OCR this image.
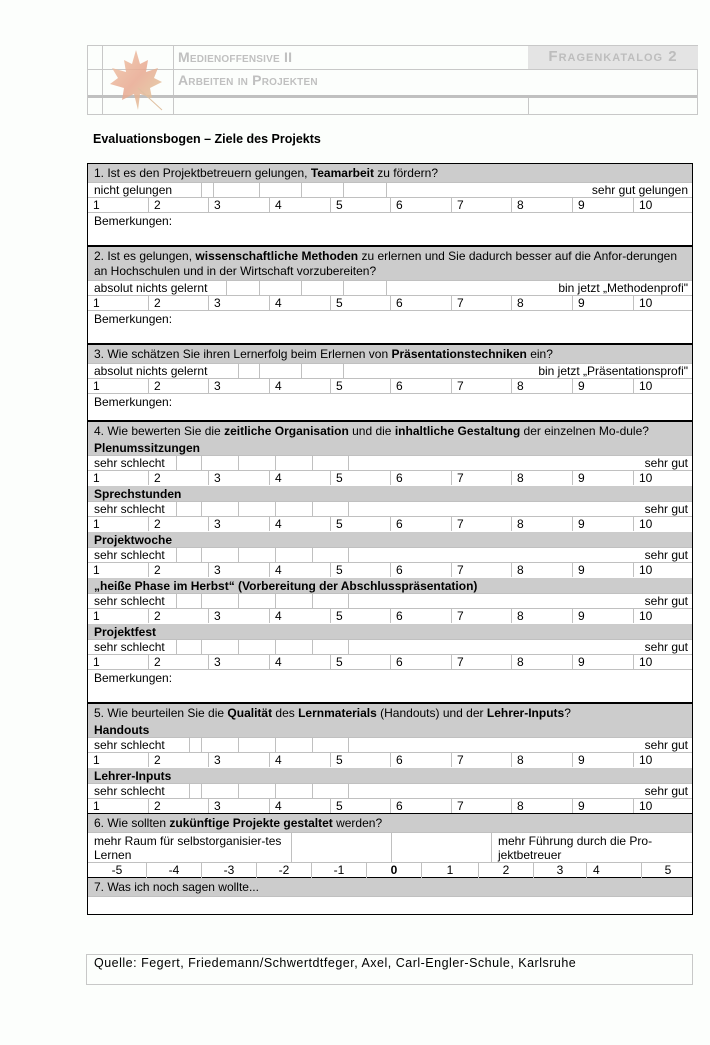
Fragenkatalog 2
Medienoffensive II
Arbeiten in Projekten
Evaluationsbogen – Ziele des Projekts
1. Ist es den Projektbetreuern gelungen, Teamarbeit zu fördern?
nicht gelungen	sehr gut gelungen
1	2	3	4	5	6	7	8	9	10
Bemerkungen:
2. Ist es gelungen, wissenschaftliche Methoden zu erlernen und Sie dadurch besser auf die Anfor-derungen an Hochschulen und in der Wirtschaft vorzubereiten?
absolut nichts gelernt	bin jetzt „Methodenprofi"
1	2	3	4	5	6	7	8	9	10
Bemerkungen:
3. Wie schätzen Sie ihren Lernerfolg beim Erlernen von Präsentationstechniken ein?
absolut nichts gelernt	bin jetzt „Präsentationsprofi"
1	2	3	4	5	6	7	8	9	10
Bemerkungen:
4. Wie bewerten Sie die zeitliche Organisation und die inhaltliche Gestaltung der einzelnen Mo-dule?
Plenumssitzungen
sehr schlecht	sehr gut
1	2	3	4	5	6	7	8	9	10
Sprechstunden
sehr schlecht	sehr gut
1	2	3	4	5	6	7	8	9	10
Projektwoche
sehr schlecht	sehr gut
1	2	3	4	5	6	7	8	9	10
„heiße Phase im Herbst“ (Vorbereitung der Abschlusspräsentation)
sehr schlecht	sehr gut
1	2	3	4	5	6	7	8	9	10
Projektfest
sehr schlecht	sehr gut
1	2	3	4	5	6	7	8	9	10
Bemerkungen:
5. Wie beurteilen Sie die Qualität des Lernmaterials (Handouts) und der Lehrer-Inputs?
Handouts
sehr schlecht	sehr gut
1	2	3	4	5	6	7	8	9	10
Lehrer-Inputs
sehr schlecht	sehr gut
1	2	3	4	5	6	7	8	9	10
6. Wie sollten zukünftige Projekte gestaltet werden?
mehr Raum für selbstorganisier-tes Lernen
mehr Führung durch die Pro-jektbetreuer
-5	-4	-3	-2	-1	0	1	2	3	4	5
7. Was ich noch sagen wollte...
Quelle: Fegert, Friedemann/Schwertdtfeger, Axel, Carl-Engler-Schule, Karlsruhe
